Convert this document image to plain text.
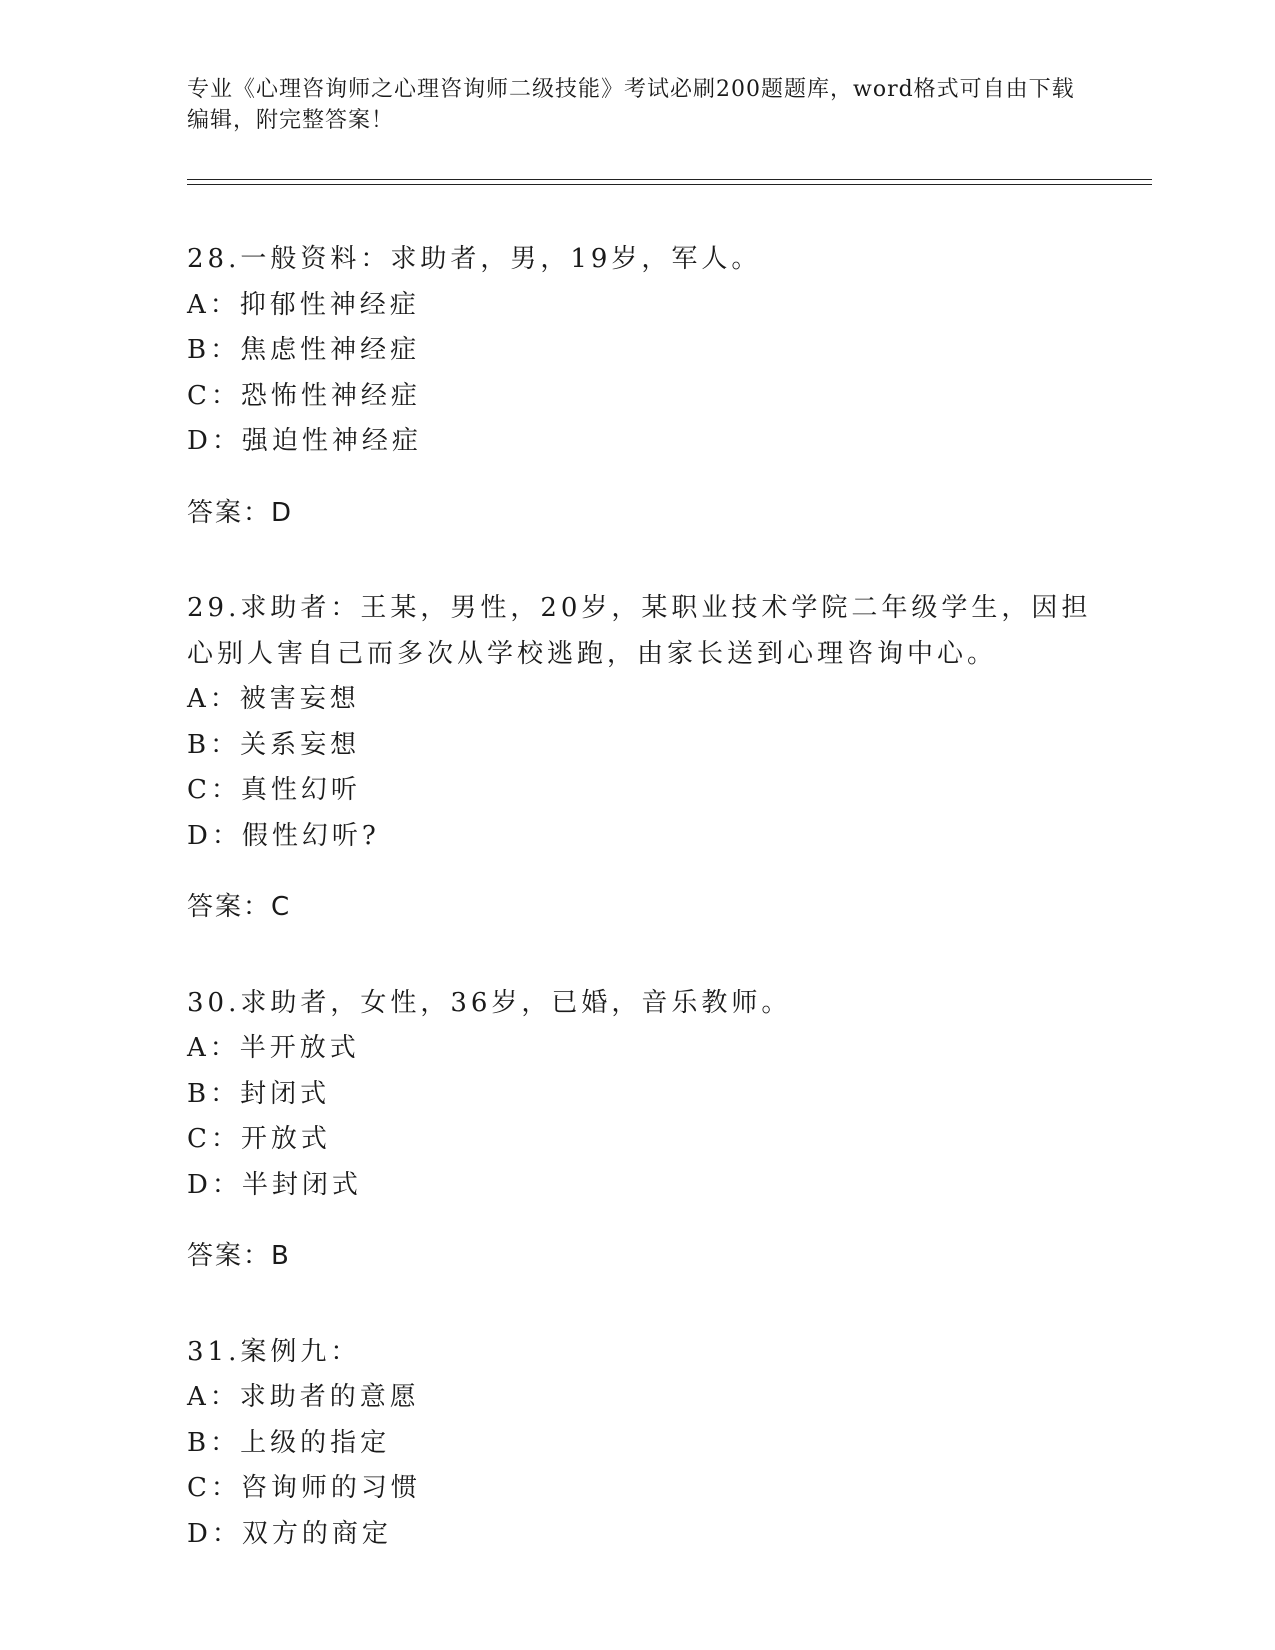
专业《心理咨询师之心理咨询师二级技能》考试必刷200题题库，word格式可自由下载编辑，附完整答案！

28.一般资料：求助者，男，19岁，军人。

A：抑郁性神经症

B：焦虑性神经症

C：恐怖性神经症

D：强迫性神经症

答案：D

29.求助者：王某，男性，20岁，某职业技术学院二年级学生，因担心别人害自己而多次从学校逃跑，由家长送到心理咨询中心。

A：被害妄想

B：关系妄想

C：真性幻听

D：假性幻听?

答案：C

30.求助者，女性，36岁，已婚，音乐教师。

A：半开放式

B：封闭式

C：开放式

D：半封闭式

答案：B

31.案例九：

A：求助者的意愿

B：上级的指定

C：咨询师的习惯

D：双方的商定
